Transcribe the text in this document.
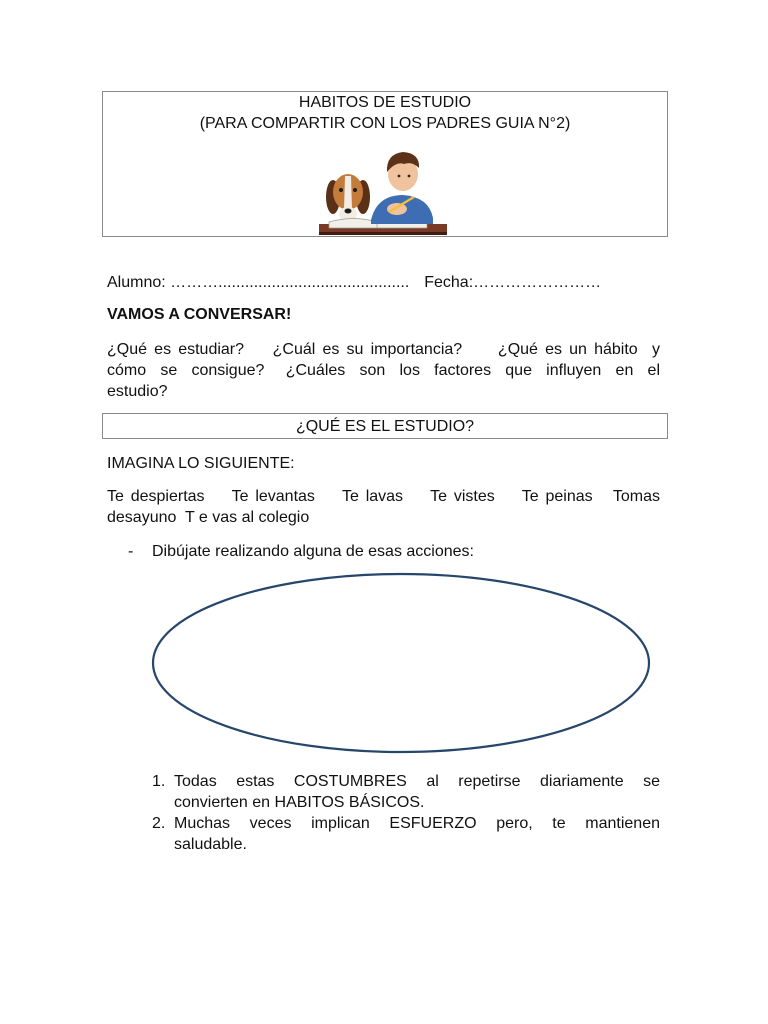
HABITOS DE ESTUDIO
(PARA COMPARTIR CON LOS PADRES GUIA N°2)
Alumno: ………........................................... Fecha:……………………
VAMOS A CONVERSAR!
¿Qué es estudiar?    ¿Cuál es su importancia?     ¿Qué es un hábito  y
cómo  se  consigue?   ¿Cuáles  son  los  factores  que  influyen  en  el
estudio?
¿QUÉ ES EL ESTUDIO?
IMAGINA LO SIGUIENTE:
Te despiertas    Te levantas    Te lavas    Te vistes    Te peinas   Tomas
desayuno  T e vas al colegio
- Dibújate realizando alguna de esas acciones:
1. Todas  estas  COSTUMBRES  al  repetirse  diariamente  se
convierten en HABITOS BÁSICOS.
2. Muchas  veces  implican  ESFUERZO  pero,  te  mantienen
saludable.
